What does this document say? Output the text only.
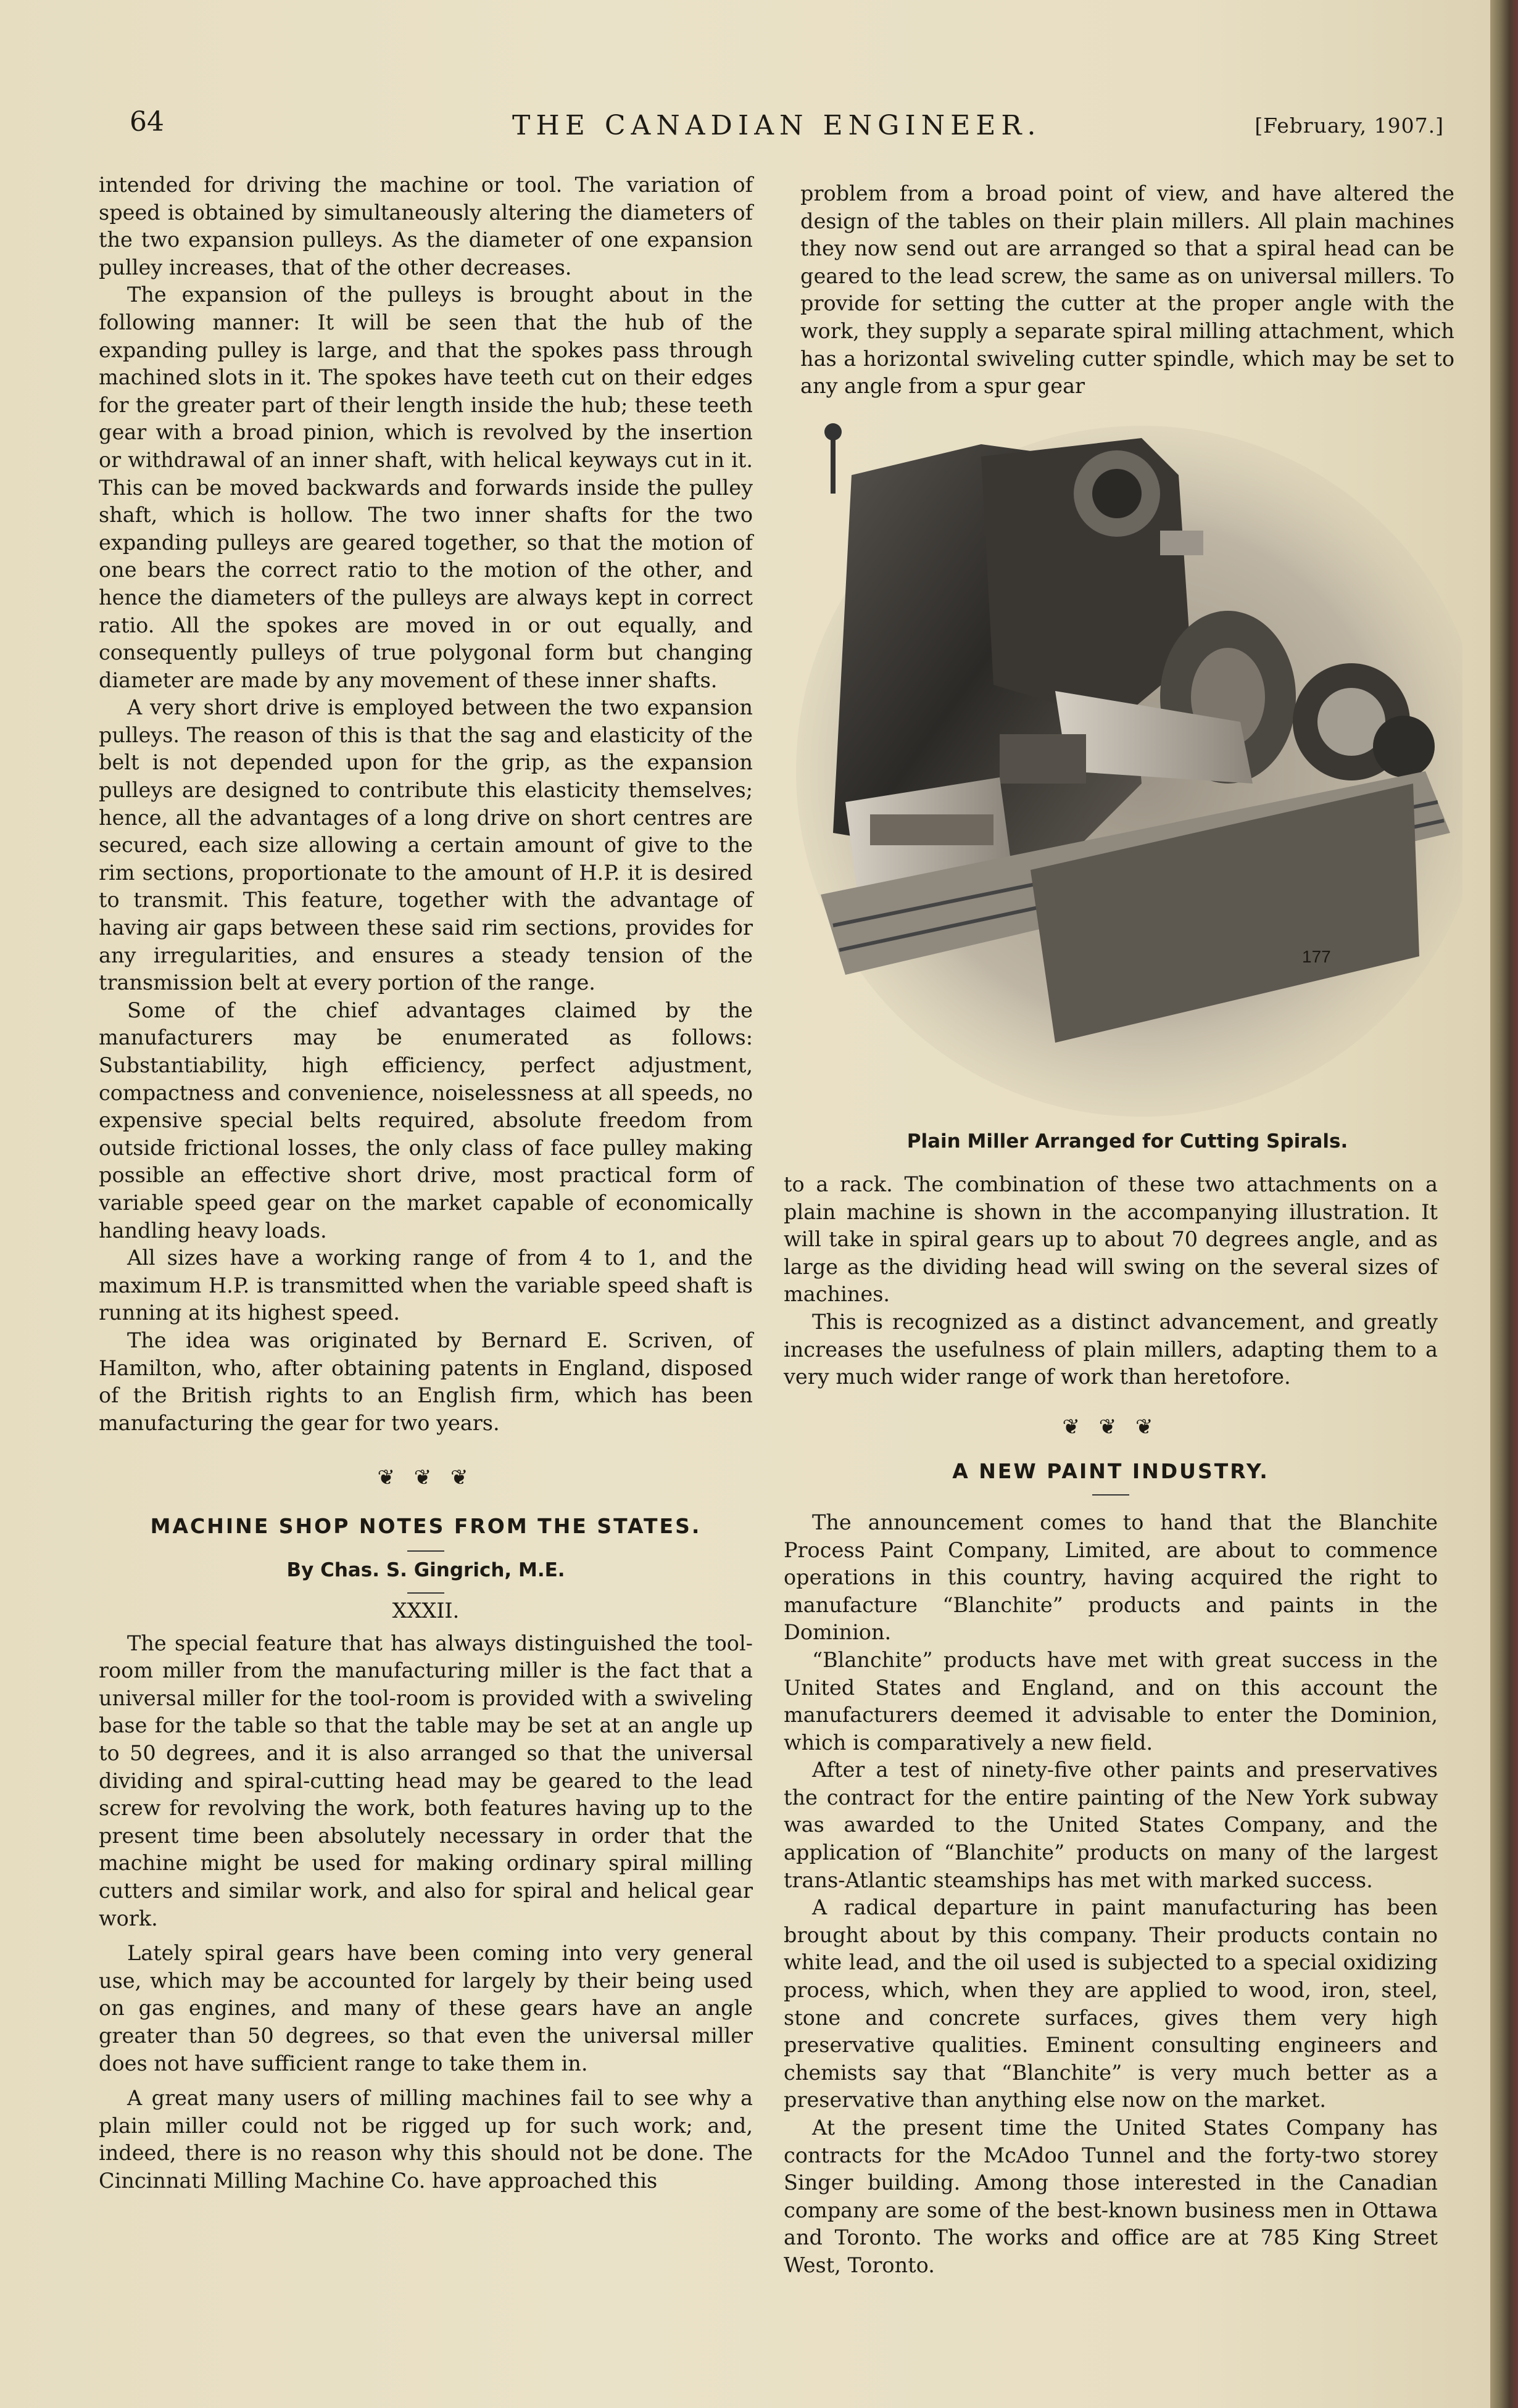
64	THE CANADIAN ENGINEER.	[February, 1907.]

intended for driving the machine or tool. The variation of speed is obtained by simultaneously altering the diameters of the two expansion pulleys. As the diameter of one expansion pulley increases, that of the other decreases.

The expansion of the pulleys is brought about in the following manner: It will be seen that the hub of the expanding pulley is large, and that the spokes pass through machined slots in it. The spokes have teeth cut on their edges for the greater part of their length inside the hub; these teeth gear with a broad pinion, which is revolved by the insertion or withdrawal of an inner shaft, with helical keyways cut in it. This can be moved backwards and forwards inside the pulley shaft, which is hollow. The two inner shafts for the two expanding pulleys are geared together, so that the motion of one bears the correct ratio to the motion of the other, and hence the diameters of the pulleys are always kept in correct ratio. All the spokes are moved in or out equally, and consequently pulleys of true polygonal form but changing diameter are made by any movement of these inner shafts.

A very short drive is employed between the two expansion pulleys. The reason of this is that the sag and elasticity of the belt is not depended upon for the grip, as the expansion pulleys are designed to contribute this elasticity themselves; hence, all the advantages of a long drive on short centres are secured, each size allowing a certain amount of give to the rim sections, proportionate to the amount of H.P. it is desired to transmit. This feature, together with the advantage of having air gaps between these said rim sections, provides for any irregularities, and ensures a steady tension of the transmission belt at every portion of the range.

Some of the chief advantages claimed by the manufacturers may be enumerated as follows: Substantiability, high efficiency, perfect adjustment, compactness and convenience, noiselessness at all speeds, no expensive special belts required, absolute freedom from outside frictional losses, the only class of face pulley making possible an effective short drive, most practical form of variable speed gear on the market capable of economically handling heavy loads.

All sizes have a working range of from 4 to 1, and the maximum H.P. is transmitted when the variable speed shaft is running at its highest speed.

The idea was originated by Bernard E. Scriven, of Hamilton, who, after obtaining patents in England, disposed of the British rights to an English firm, which has been manufacturing the gear for two years.

❦ ❦ ❦

MACHINE SHOP NOTES FROM THE STATES.

By Chas. S. Gingrich, M.E.

XXXII.

The special feature that has always distinguished the tool-room miller from the manufacturing miller is the fact that a universal miller for the tool-room is provided with a swiveling base for the table so that the table may be set at an angle up to 50 degrees, and it is also arranged so that the universal dividing and spiral-cutting head may be geared to the lead screw for revolving the work, both features having up to the present time been absolutely necessary in order that the machine might be used for making ordinary spiral milling cutters and similar work, and also for spiral and helical gear work.

Lately spiral gears have been coming into very general use, which may be accounted for largely by their being used on gas engines, and many of these gears have an angle greater than 50 degrees, so that even the universal miller does not have sufficient range to take them in.

A great many users of milling machines fail to see why a plain miller could not be rigged up for such work; and, indeed, there is no reason why this should not be done. The Cincinnati Milling Machine Co. have approached this

problem from a broad point of view, and have altered the design of the tables on their plain millers. All plain machines they now send out are arranged so that a spiral head can be geared to the lead screw, the same as on universal millers. To provide for setting the cutter at the proper angle with the work, they supply a separate spiral milling attachment, which has a horizontal swiveling cutter spindle, which may be set to any angle from a spur gear

177

Plain Miller Arranged for Cutting Spirals.

to a rack. The combination of these two attachments on a plain machine is shown in the accompanying illustration. It will take in spiral gears up to about 70 degrees angle, and as large as the dividing head will swing on the several sizes of machines.

This is recognized as a distinct advancement, and greatly increases the usefulness of plain millers, adapting them to a very much wider range of work than heretofore.

❦ ❦ ❦

A NEW PAINT INDUSTRY.

The announcement comes to hand that the Blanchite Process Paint Company, Limited, are about to commence operations in this country, having acquired the right to manufacture “Blanchite” products and paints in the Dominion.

“Blanchite” products have met with great success in the United States and England, and on this account the manufacturers deemed it advisable to enter the Dominion, which is comparatively a new field.

After a test of ninety-five other paints and preservatives the contract for the entire painting of the New York subway was awarded to the United States Company, and the application of “Blanchite” products on many of the largest trans-Atlantic steamships has met with marked success.

A radical departure in paint manufacturing has been brought about by this company. Their products contain no white lead, and the oil used is subjected to a special oxidizing process, which, when they are applied to wood, iron, steel, stone and concrete surfaces, gives them very high preservative qualities. Eminent consulting engineers and chemists say that “Blanchite” is very much better as a preservative than anything else now on the market.

At the present time the United States Company has contracts for the McAdoo Tunnel and the forty-two storey Singer building. Among those interested in the Canadian company are some of the best-known business men in Ottawa and Toronto. The works and office are at 785 King Street West, Toronto.
